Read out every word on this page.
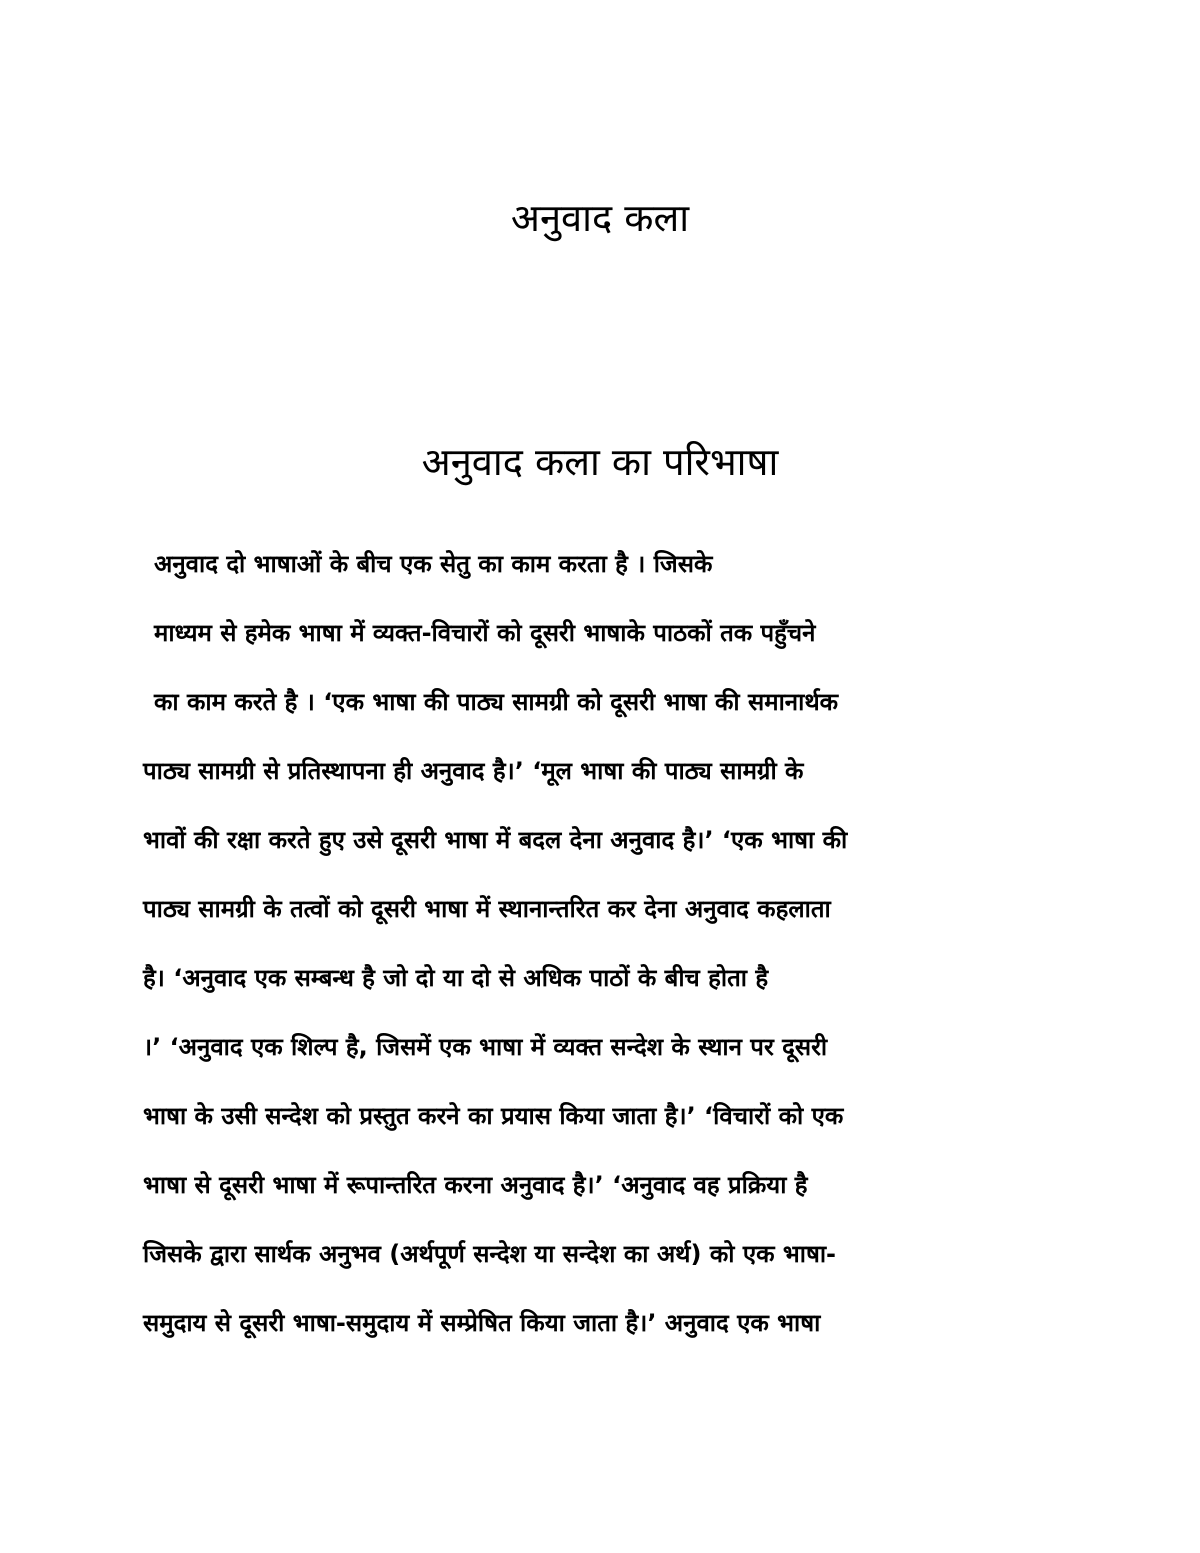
अनुवाद कला
अनुवाद कला का परिभाषा

अनुवाद दो भाषाओं के बीच एक सेतु का काम करता है । जिसके

माध्यम से हमेक भाषा में व्यक्त-विचारों को दूसरी भाषाके पाठकों तक पहुँचने

का काम करते है । ‘एक भाषा की पाठ्य सामग्री को दूसरी भाषा की समानार्थक

पाठ्य सामग्री से प्रतिस्थापना ही अनुवाद है।’ ‘मूल भाषा की पाठ्य सामग्री के

भावों की रक्षा करते हुए उसे दूसरी भाषा में बदल देना अनुवाद है।’ ‘एक भाषा की

पाठ्य सामग्री के तत्वों को दूसरी भाषा में स्थानान्तरित कर देना अनुवाद कहलाता

है। ‘अनुवाद एक सम्बन्ध है जो दो या दो से अधिक पाठों के बीच होता है

।’ ‘अनुवाद एक शिल्प है, जिसमें एक भाषा में व्यक्त सन्देश के स्थान पर दूसरी

भाषा के उसी सन्देश को प्रस्तुत करने का प्रयास किया जाता है।’ ‘विचारों को एक

भाषा से दूसरी भाषा में रूपान्तरित करना अनुवाद है।’ ‘अनुवाद वह प्रक्रिया है

जिसके द्वारा सार्थक अनुभव (अर्थपूर्ण सन्देश या सन्देश का अर्थ) को एक भाषा-

समुदाय से दूसरी भाषा-समुदाय में सम्प्रेषित किया जाता है।’ अनुवाद एक भाषा
